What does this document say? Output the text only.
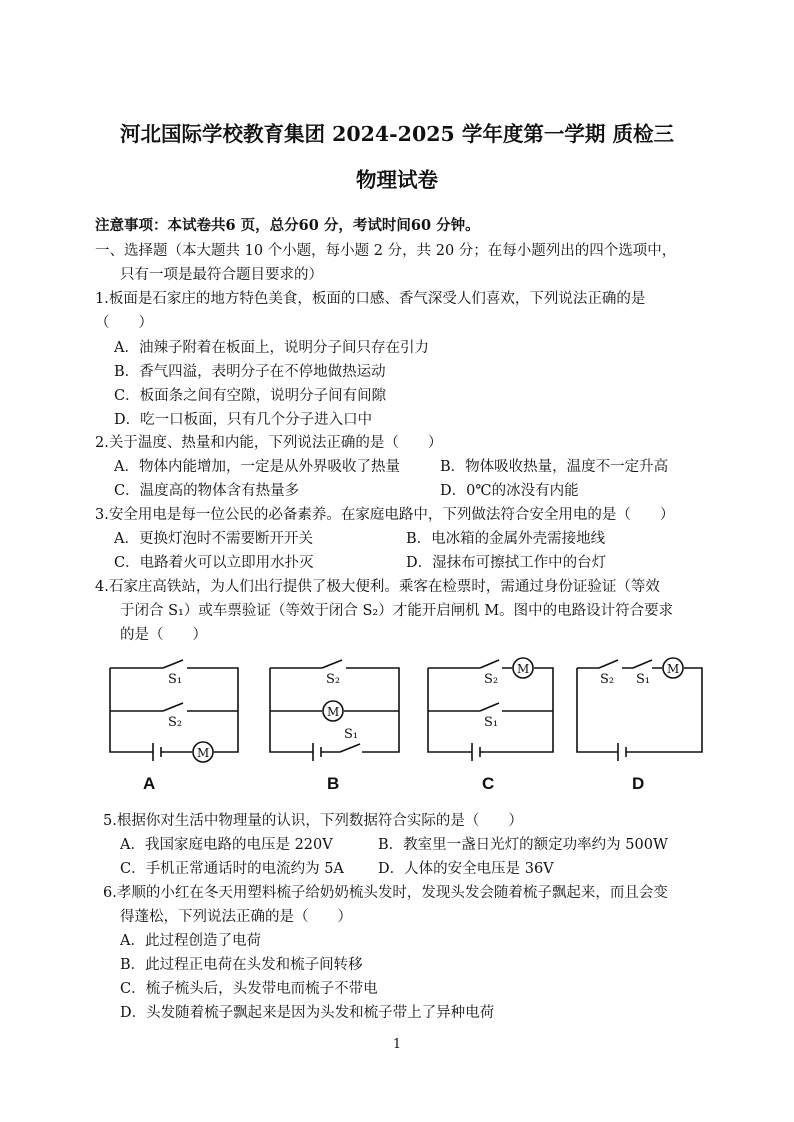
河北国际学校教育集团 2024-2025 学年度第一学期 质检三
物理试卷
注意事项：本试卷共6 页，总分60 分，考试时间60 分钟。
一、选择题（本大题共 10 个小题，每小题 2 分，共 20 分；在每小题列出的四个选项中，
只有一项是最符合题目要求的）
1.板面是石家庄的地方特色美食，板面的口感、香气深受人们喜欢，下列说法正确的是
（　　）
A．油辣子附着在板面上，说明分子间只存在引力
B．香气四溢，表明分子在不停地做热运动
C．板面条之间有空隙，说明分子间有间隙
D．吃一口板面，只有几个分子进入口中
2.关于温度、热量和内能，下列说法正确的是（　　）
A．物体内能增加，一定是从外界吸收了热量	B．物体吸收热量，温度不一定升高
C．温度高的物体含有热量多	D．0℃的冰没有内能
3.安全用电是每一位公民的必备素养。在家庭电路中，下列做法符合安全用电的是（　　）
A．更换灯泡时不需要断开开关	B．电冰箱的金属外壳需接地线
C．电路着火可以立即用水扑灭	D．湿抹布可擦拭工作中的台灯
4.石家庄高铁站，为人们出行提供了极大便利。乘客在检票时，需通过身份证验证（等效
于闭合 S₁）或车票验证（等效于闭合 S₂）才能开启闸机 M。图中的电路设计符合要求
的是（　　）
S₁
S₂
M
A
S₂
M
S₁
B
S₂
M
S₁
C
S₂ S₁
M
D
5.根据你对生活中物理量的认识，下列数据符合实际的是（　　）
A．我国家庭电路的电压是 220V	B．教室里一盏日光灯的额定功率约为 500W
C．手机正常通话时的电流约为 5A D．人体的安全电压是 36V
6.孝顺的小红在冬天用塑料梳子给奶奶梳头发时，发现头发会随着梳子飘起来，而且会变
得蓬松，下列说法正确的是（　　）
A．此过程创造了电荷
B．此过程正电荷在头发和梳子间转移
C．梳子梳头后，头发带电而梳子不带电
D．头发随着梳子飘起来是因为头发和梳子带上了异种电荷
1
